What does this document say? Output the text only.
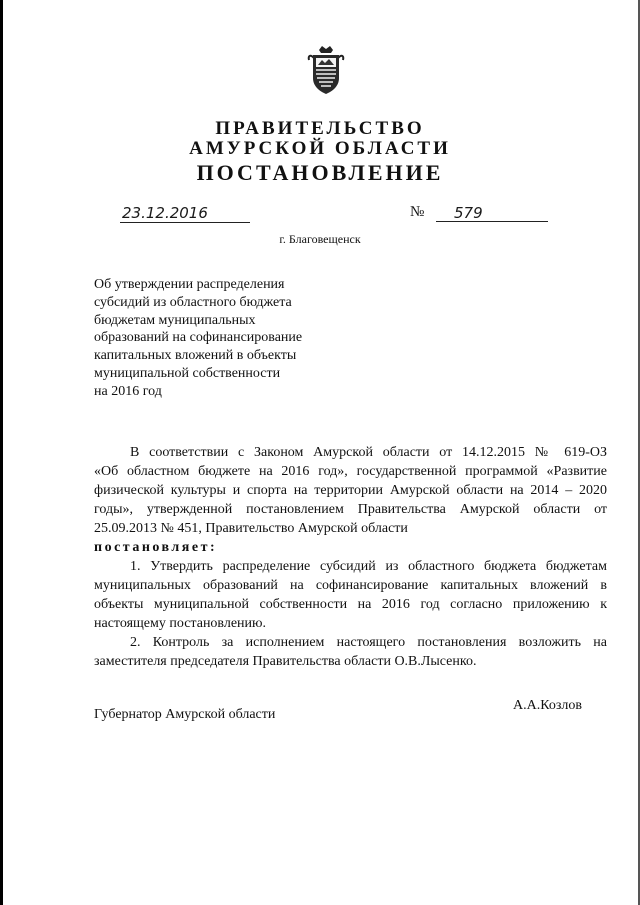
ПРАВИТЕЛЬСТВО
АМУРСКОЙ ОБЛАСТИ
ПОСТАНОВЛЕНИЕ
23.12.2016	№	579
г. Благовещенск
Об утверждении распределения
субсидий из областного бюджета
бюджетам муниципальных
образований на софинансирование
капитальных вложений в объекты
муниципальной собственности
на 2016 год
В соответствии с Законом Амурской области от 14.12.2015 № 619-ОЗ
«Об областном бюджете на 2016 год», государственной программой «Развитие
физической культуры и спорта на территории Амурской области на 2014 – 2020
годы», утвержденной постановлением Правительства Амурской области от
25.09.2013 № 451, Правительство Амурской области
постановляет:
1. Утвердить распределение субсидий из областного бюджета бюджетам
муниципальных образований на софинансирование капитальных вложений в
объекты муниципальной собственности на 2016 год согласно приложению к
настоящему постановлению.
2. Контроль за исполнением настоящего постановления возложить на
заместителя председателя Правительства области О.В.Лысенко.
Губернатор Амурской области
А.А.Козлов
